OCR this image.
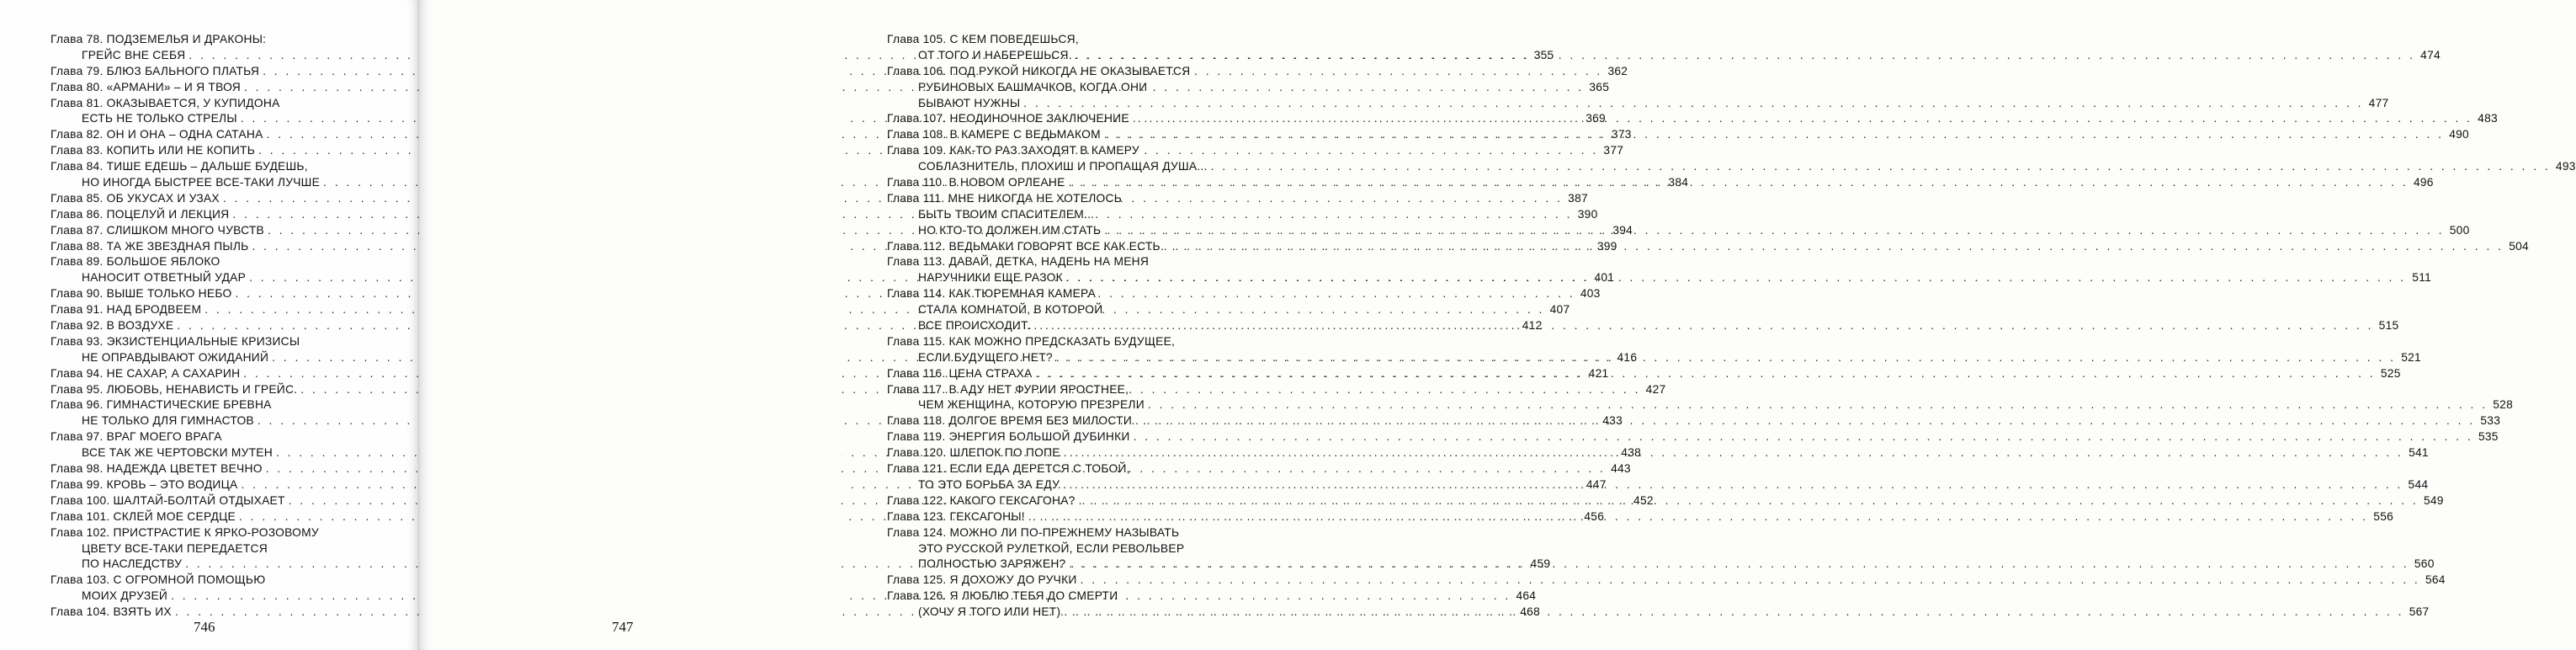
Глава 78. ПОДЗЕМЕЛЬЯ И ДРАКОНЫ:
ГРЕЙС ВНЕ СЕБЯ . . .	355
Глава 79. БЛЮЗ БАЛЬНОГО ПЛАТЬЯ . . .	362
Глава 80. «АРМАНИ» – И Я ТВОЯ . . .	365
Глава 81. ОКАЗЫВАЕТСЯ, У КУПИДОНА
ЕСТЬ НЕ ТОЛЬКО СТРЕЛЫ . . .	369
Глава 82. ОН И ОНА – ОДНА САТАНА . . .	373
Глава 83. КОПИТЬ ИЛИ НЕ КОПИТЬ . . .	377
Глава 84. ТИШЕ ЕДЕШЬ – ДАЛЬШЕ БУДЕШЬ,
НО ИНОГДА БЫСТРЕЕ ВСЕ-ТАКИ ЛУЧШЕ . . .	384
Глава 85. ОБ УКУСАХ И УЗАХ . . .	387
Глава 86. ПОЦЕЛУЙ И ЛЕКЦИЯ . . .	390
Глава 87. СЛИШКОМ МНОГО ЧУВСТВ . . .	394
Глава 88. ТА ЖЕ ЗВЕЗДНАЯ ПЫЛЬ . . .	399
Глава 89. БОЛЬШОЕ ЯБЛОКО
НАНОСИТ ОТВЕТНЫЙ УДАР . . .	401
Глава 90. ВЫШЕ ТОЛЬКО НЕБО . . .	403
Глава 91. НАД БРОДВЕЕМ . . .	407
Глава 92. В ВОЗДУХЕ . . .	412
Глава 93. ЭКЗИСТЕНЦИАЛЬНЫЕ КРИЗИСЫ
НЕ ОПРАВДЫВАЮТ ОЖИДАНИЙ . . .	416
Глава 94. НЕ САХАР, А САХАРИН . . .	421
Глава 95. ЛЮБОВЬ, НЕНАВИСТЬ И ГРЕЙС. . . .	427
Глава 96. ГИМНАСТИЧЕСКИЕ БРЕВНА
НЕ ТОЛЬКО ДЛЯ ГИМНАСТОВ . . .	433
Глава 97. ВРАГ МОЕГО ВРАГА
ВСЕ ТАК ЖЕ ЧЕРТОВСКИ МУТЕН . . .	438
Глава 98. НАДЕЖДА ЦВЕТЕТ ВЕЧНО . . .	443
Глава 99. КРОВЬ – ЭТО ВОДИЦА . . .	447
Глава 100. ШАЛТАЙ-БОЛТАЙ ОТДЫХАЕТ . . .	452
Глава 101. СКЛЕЙ МОЕ СЕРДЦЕ . . .	456
Глава 102. ПРИСТРАСТИЕ К ЯРКО-РОЗОВОМУ
ЦВЕТУ ВСЕ-ТАКИ ПЕРЕДАЕТСЯ
ПО НАСЛЕДСТВУ . . .	459
Глава 103. С ОГРОМНОЙ ПОМОЩЬЮ
МОИХ ДРУЗЕЙ . . .	464
Глава 104. ВЗЯТЬ ИХ . . .	468
746
Глава 105. С КЕМ ПОВЕДЕШЬСЯ,
ОТ ТОГО И НАБЕРЕШЬСЯ. . . .	474
Глава 106. ПОД РУКОЙ НИКОГДА НЕ ОКАЗЫВАЕТСЯ
РУБИНОВЫХ БАШМАЧКОВ, КОГДА ОНИ
БЫВАЮТ НУЖНЫ . . .	477
Глава 107. НЕОДИНОЧНОЕ ЗАКЛЮЧЕНИЕ . . .	483
Глава 108. В КАМЕРЕ С ВЕДЬМАКОМ . . .	490
Глава 109. КАК-ТО РАЗ ЗАХОДЯТ В КАМЕРУ
СОБЛАЗНИТЕЛЬ, ПЛОХИШ И ПРОПАЩАЯ ДУША... . . .	493
Глава 110. В НОВОМ ОРЛЕАНЕ . . .	496
Глава 111. МНЕ НИКОГДА НЕ ХОТЕЛОСЬ
БЫТЬ ТВОИМ СПАСИТЕЛЕМ...
НО КТО-ТО ДОЛЖЕН ИМ СТАТЬ . . .	500
Глава 112. ВЕДЬМАКИ ГОВОРЯТ ВСЕ КАК ЕСТЬ . . .	504
Глава 113. ДАВАЙ, ДЕТКА, НАДЕНЬ НА МЕНЯ
НАРУЧНИКИ ЕЩЕ РАЗОК . . .	511
Глава 114. КАК ТЮРЕМНАЯ КАМЕРА
СТАЛА КОМНАТОЙ, В КОТОРОЙ
ВСЕ ПРОИСХОДИТ. . . .	515
Глава 115. КАК МОЖНО ПРЕДСКАЗАТЬ БУДУЩЕЕ,
ЕСЛИ БУДУЩЕГО НЕТ? . . .	521
Глава 116. ЦЕНА СТРАХА . . .	525
Глава 117. В АДУ НЕТ ФУРИИ ЯРОСТНЕЕ,
ЧЕМ ЖЕНЩИНА, КОТОРУЮ ПРЕЗРЕЛИ . . .	528
Глава 118. ДОЛГОЕ ВРЕМЯ БЕЗ МИЛОСТИ . . .	533
Глава 119. ЭНЕРГИЯ БОЛЬШОЙ ДУБИНКИ . . .	535
Глава 120. ШЛЕПОК ПО ПОПЕ . . .	541
Глава 121. ЕСЛИ ЕДА ДЕРЕТСЯ С ТОБОЙ,
ТО ЭТО БОРЬБА ЗА ЕДУ . . .	544
Глава 122. КАКОГО ГЕКСАГОНА? . . .	549
Глава 123. ГЕКСАГОНЫ! . . .	556
Глава 124. МОЖНО ЛИ ПО-ПРЕЖНЕМУ НАЗЫВАТЬ
ЭТО РУССКОЙ РУЛЕТКОЙ, ЕСЛИ РЕВОЛЬВЕР
ПОЛНОСТЬЮ ЗАРЯЖЕН? . . .	560
Глава 125. Я ДОХОЖУ ДО РУЧКИ . . .	564
Глава 126. Я ЛЮБЛЮ ТЕБЯ ДО СМЕРТИ
(ХОЧУ Я ТОГО ИЛИ НЕТ) . . .	567
747
